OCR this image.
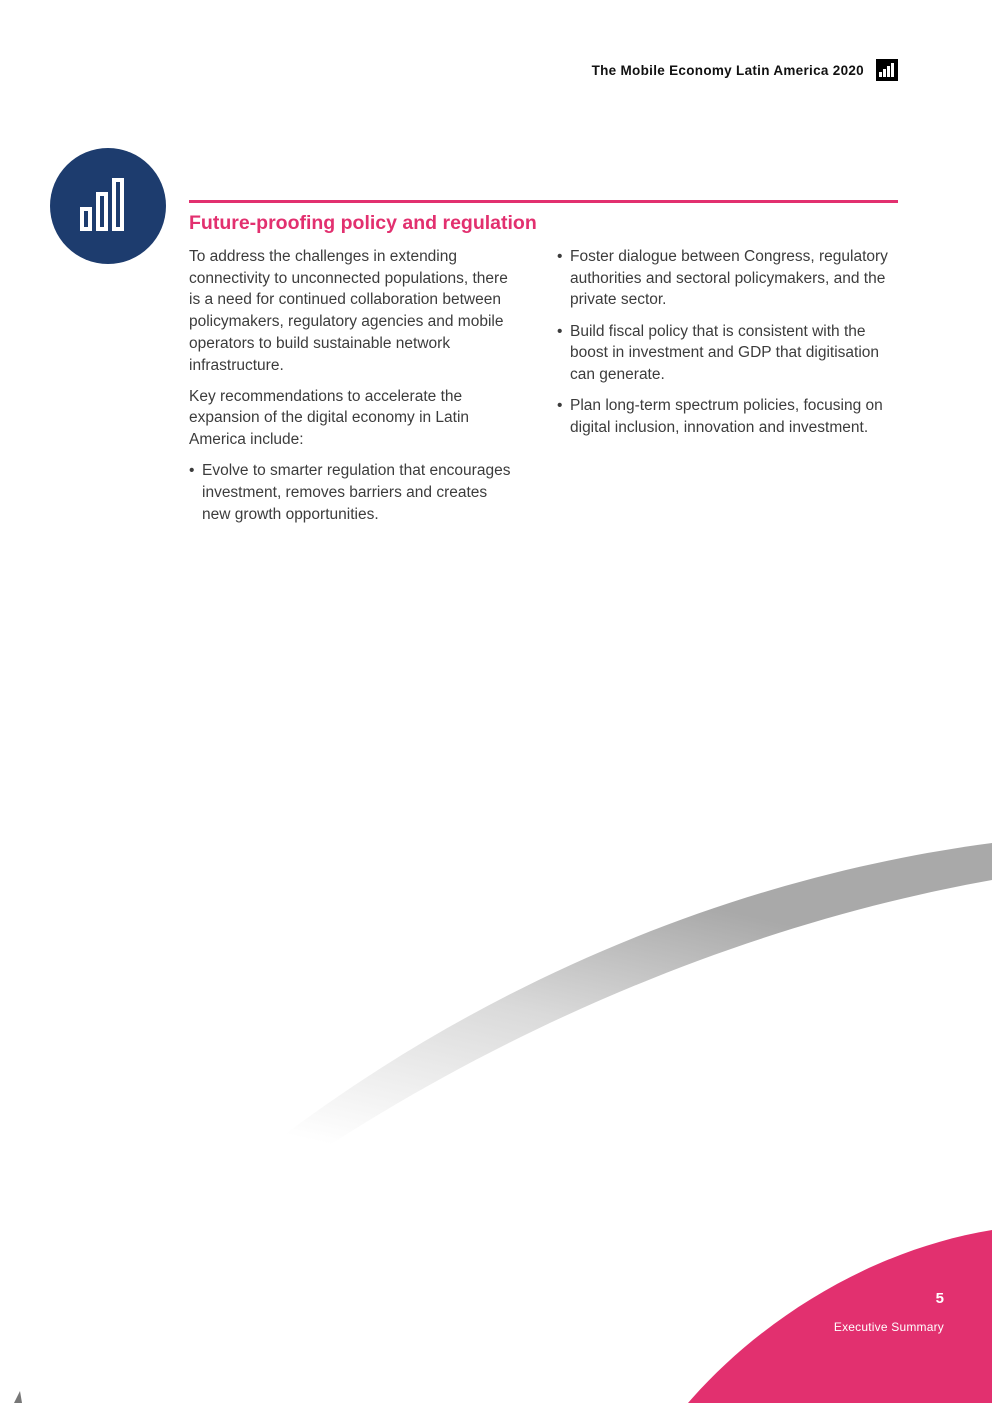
The Mobile Economy Latin America 2020
Future-proofing policy and regulation

To address the challenges in extending connectivity to unconnected populations, there is a need for continued collaboration between policymakers, regulatory agencies and mobile operators to build sustainable network infrastructure.

Key recommendations to accelerate the expansion of the digital economy in Latin America include:

• Evolve to smarter regulation that encourages investment, removes barriers and creates new growth opportunities.
• Foster dialogue between Congress, regulatory authorities and sectoral policymakers, and the private sector.
• Build fiscal policy that is consistent with the boost in investment and GDP that digitisation can generate.
• Plan long-term spectrum policies, focusing on digital inclusion, innovation and investment.
5
Executive Summary
